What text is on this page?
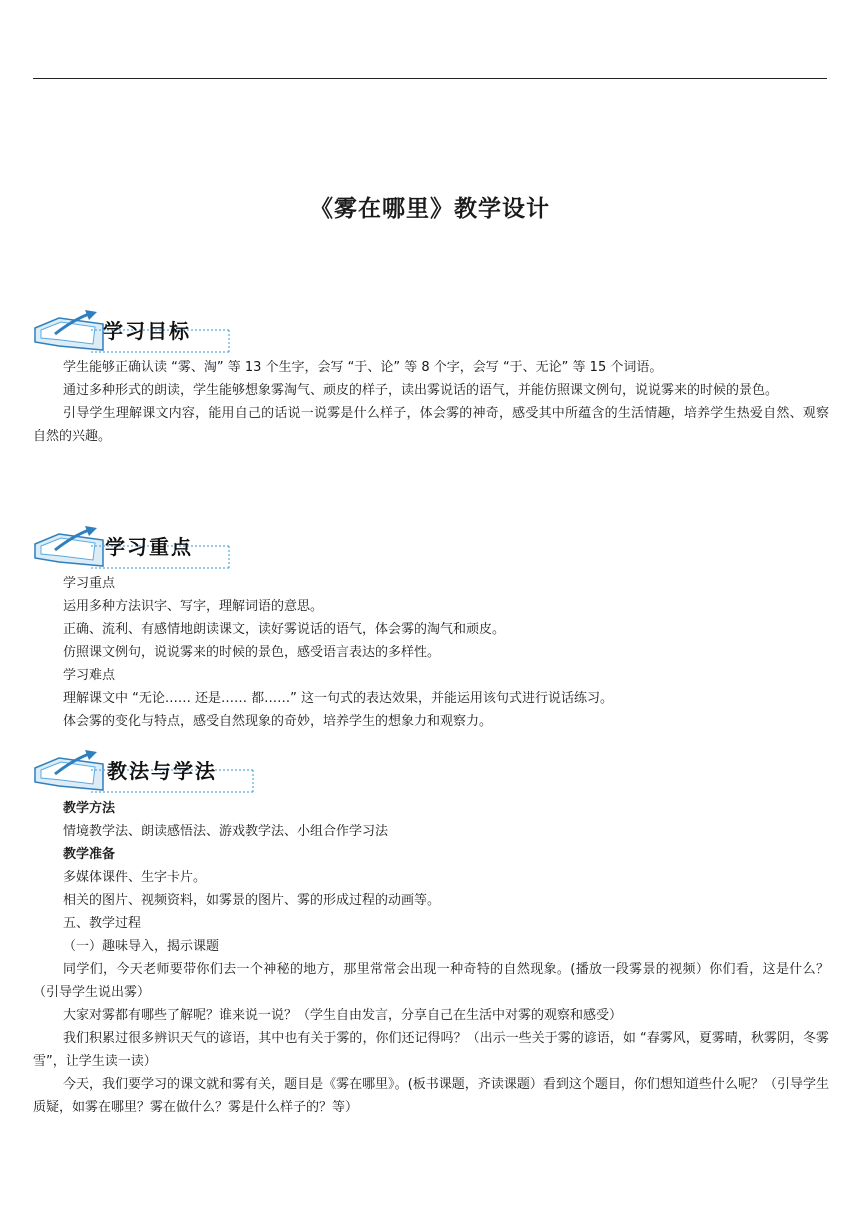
《雾在哪里》教学设计
学习目标

学生能够正确认读 “雾、淘” 等 13 个生字，会写 “于、论” 等 8 个字，会写 “于、无论” 等 15 个词语。

通过多种形式的朗读，学生能够想象雾淘气、顽皮的样子，读出雾说话的语气，并能仿照课文例句，说说雾来的时候的景色。

引导学生理解课文内容，能用自己的话说一说雾是什么样子，体会雾的神奇，感受其中所蕴含的生活情趣，培养学生热爱自然、观察自然的兴趣。

学习重点

学习重点

运用多种方法识字、写字，理解词语的意思。

正确、流利、有感情地朗读课文，读好雾说话的语气，体会雾的淘气和顽皮。

仿照课文例句，说说雾来的时候的景色，感受语言表达的多样性。

学习难点

理解课文中 “无论…… 还是…… 都……” 这一句式的表达效果，并能运用该句式进行说话练习。

体会雾的变化与特点，感受自然现象的奇妙，培养学生的想象力和观察力。

教法与学法

教学方法

情境教学法、朗读感悟法、游戏教学法、小组合作学习法

教学准备

多媒体课件、生字卡片。

相关的图片、视频资料，如雾景的图片、雾的形成过程的动画等。

五、教学过程

（一）趣味导入，揭示课题

同学们，今天老师要带你们去一个神秘的地方，那里常常会出现一种奇特的自然现象。(播放一段雾景的视频）你们看，这是什么？（引导学生说出雾）

大家对雾都有哪些了解呢？谁来说一说？（学生自由发言，分享自己在生活中对雾的观察和感受）

我们积累过很多辨识天气的谚语，其中也有关于雾的，你们还记得吗？（出示一些关于雾的谚语，如 “春雾风，夏雾晴，秋雾阴，冬雾雪”，让学生读一读）

今天，我们要学习的课文就和雾有关，题目是《雾在哪里》。(板书课题，齐读课题）看到这个题目，你们想知道些什么呢？（引导学生质疑，如雾在哪里？雾在做什么？雾是什么样子的？等）
